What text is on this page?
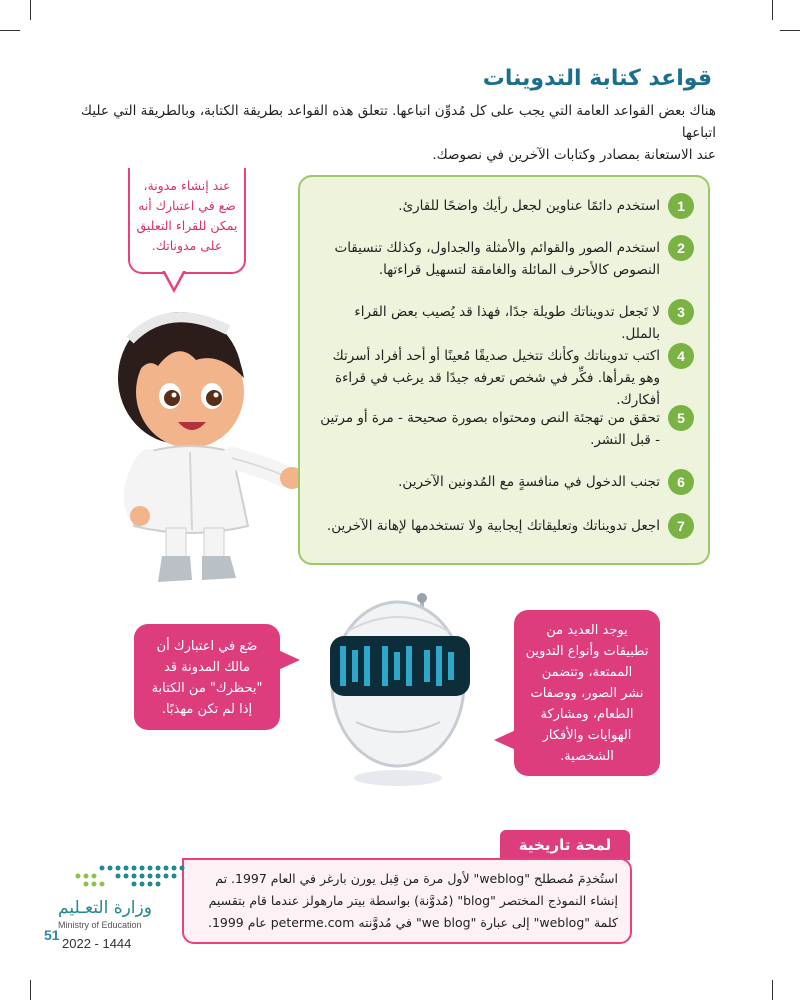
قواعد كتابة التدوينات
هناك بعض القواعد العامة التي يجب على كل مُدوِّن اتباعها. تتعلق هذه القواعد بطريقة الكتابة، وبالطريقة التي عليك اتباعها
عند الاستعانة بمصادر وكتابات الآخرين في نصوصك.
عند إنشاء مدونة،
ضع في اعتبارك أنه
يمكن للقراء التعليق
على مدوناتك.
1
استخدم دائمًا عناوين لجعل رأيك واضحًا للقارئ.
2
استخدم الصور والقوائم والأمثلة والجداول، وكذلك تنسيقات النصوص كالأحرف المائلة والغامقة لتسهيل قراءتها.
3
لا تَجعل تدويناتك طويلة جدًا، فهذا قد يُصيب بعض القراء بالملل.
4
اكتب تدويناتك وكأنك تتخيل صديقًا مُعينًا أو أحد أفراد أسرتك وهو يقرأها. فكِّر في شخص تعرفه جيدًا قد يرغب في قراءة أفكارك.
5
تحقق من تهجئة النص ومحتواه بصورة صحيحة - مرة أو مرتين - قبل النشر.
6
تجنب الدخول في منافسةٍ مع المُدونين الآخرين.
7
اجعل تدويناتك وتعليقاتك إيجابية ولا تستخدمها لإهانة الآخرين.
ضَع في اعتبارك أن
مالك المدونة قد
"يحظرك" من الكتابة
إذا لم تكن مهذبًا.
يوجد العديد من
تطبيقات وأنواع التدوين
الممتعة، وتتضمن
نشر الصور، ووصفات
الطعام، ومشاركة
الهوايات والأفكار
الشخصية.
لمحة تاريخية
استُخدِمَ مُصطلح "weblog" لأول مرة من قِبل يورن بارغر في العام 1997. تم
إنشاء النموذج المختصر "blog" (مُدوَّنة) بواسطة بيتر مارهولز عندما قام بتقسيم
كلمة "weblog" إلى عبارة "we blog" في مُدوَّنته peterme.com عام 1999.
وزارة التعـليم
Ministry of Education
51
2022 - 1444
